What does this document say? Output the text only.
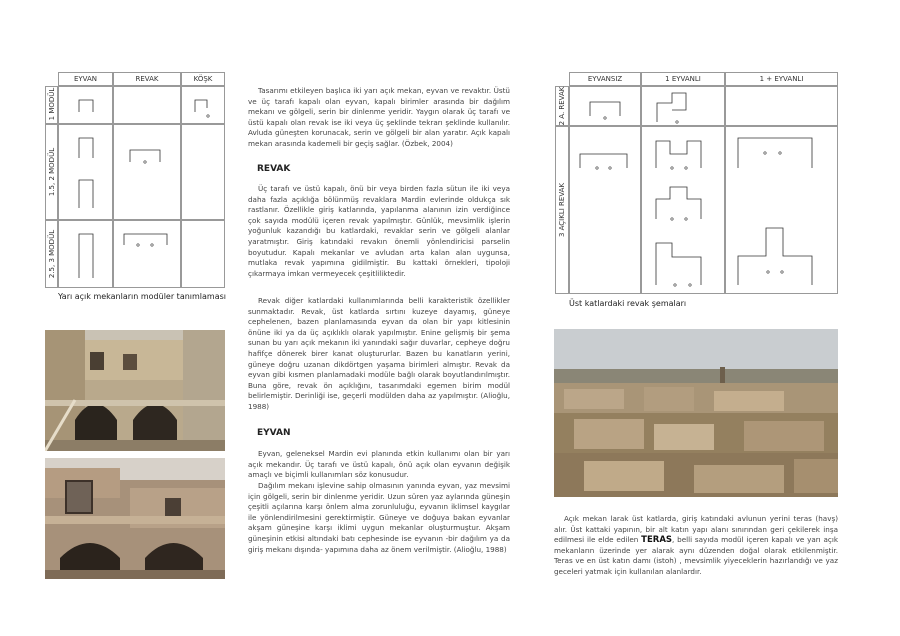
EYVAN	REVAK	KÖŞK
1 MODÜL
1.5, 2 MODÜL
2.5, 3 MODÜL
Yarı açık mekanların modüler tanımlaması
Tasarımı etkileyen başlıca iki yarı açık mekan, eyvan ve revaktır. Üstü ve üç tarafı kapalı olan eyvan, kapalı birimler arasında bir dağılım mekanı ve gölgeli, serin bir dinlenme yeridir. Yaygın olarak üç tarafı ve üstü kapalı olan revak ise iki veya üç şeklinde tekrarı şeklinde kullanılır. Avluda güneşten korunacak, serin ve gölgeli bir alan yaratır. Açık kapalı mekan arasında kademeli bir geçiş sağlar. (Özbek, 2004)
REVAK
Üç tarafı ve üstü kapalı, önü bir veya birden fazla sütun ile iki veya daha fazla açıklığa bölünmüş revaklara Mardin evlerinde oldukça sık rastlanır. Özellikle giriş katlarında, yapılanma alanının izin verdiğince çok sayıda modülü içeren revak yapılmıştır. Günlük, mevsimlik işlerin yoğunluk kazandığı bu katlardaki, revaklar serin ve gölgeli alanlar yaratmıştır. Giriş katındaki revakın önemli yönlendiricisi parselin boyutudur. Kapalı mekanlar ve avludan arta kalan alan uygunsa, mutlaka revak yapımına gidilmiştir. Bu kattaki örnekleri, tipoloji çıkarmaya imkan vermeyecek çeşitliliktedir.
Revak diğer katlardaki kullanımlarında belli karakteristik özellikler sunmaktadır. Revak, üst katlarda sırtını kuzeye dayamış, güneye cephelenen, bazen planlamasında eyvan da olan bir yapı kitlesinin önüne iki ya da üç açıklıklı olarak yapılmıştır. Enine gelişmiş bir şema sunan bu yarı açık mekanın iki yanındaki sağır duvarlar, cepheye doğru hafifçe dönerek birer kanat oluştururlar. Bazen bu kanatların yerini, güneye doğru uzanan dikdörtgen yaşama birimleri almıştır. Revak da eyvan gibi kısmen planlamadaki modüle bağlı olarak boyutlandırılmıştır. Buna göre, revak ön açıklığını, tasarımdaki egemen birim modül belirlemiştir. Derinliği ise, geçerli modülden daha az yapılmıştır. (Alioğlu, 1988)
EYVAN
Eyvan, geleneksel Mardin evi planında etkin kullanımı olan bir yarı açık mekandır. Üç tarafı ve üstü kapalı, önü açık olan eyvanın değişik amaçlı ve biçimli kullanımları söz konusudur.
Dağılım mekanı işlevine sahip olmasının yanında eyvan, yaz mevsimi için gölgeli, serin bir dinlenme yeridir. Uzun süren yaz aylarında güneşin çeşitli açılarına karşı önlem alma zorunluluğu, eyvanın iklimsel kaygılar ile yönlendirilmesini gerektirmiştir. Güneye ve doğuya bakan eyvanlar akşam güneşine karşı iklimi uygun mekanlar oluşturmuştur. Akşam güneşinin etkisi altındaki batı cephesinde ise eyvanın -bir dağılım ya da giriş mekanı dışında- yapımına daha az önem verilmiştir. (Alioğlu, 1988)
EYVANSIZ	1 EYVANLI	1 + EYVANLI
2 A. REVAK
3 AÇIKLI REVAK
Üst katlardaki revak şemaları
Açık mekan larak üst katlarda, giriş katındaki avlunun yerini teras (havş) alır. Üst kattaki yapının, bir alt katın yapı alanı sınırından geri çekilerek inşa edilmesi ile elde edilen TERAS, belli sayıda modül içeren kapalı ve yarı açık mekanların üzerinde yer alarak aynı düzenden doğal olarak etkilenmiştir. Teras ve en üst katın damı (istoh) , mevsimlik yiyeceklerin hazırlandığı ve yaz geceleri yatmak için kullanılan alanlardır.
